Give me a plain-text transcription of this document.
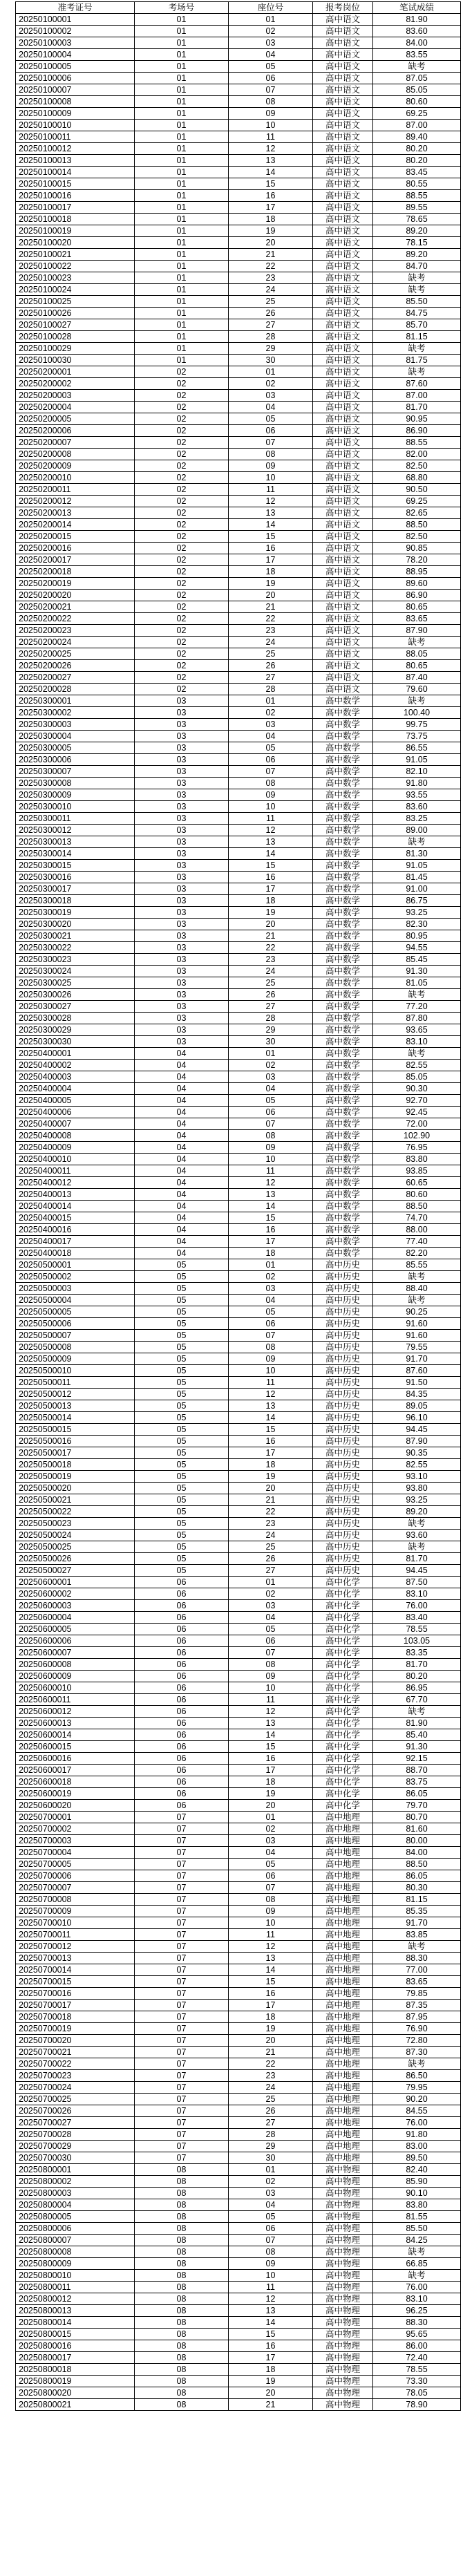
准考证号	考场号	座位号	报考岗位	笔试成绩
20250100001	01	01	高中语文	81.90
20250100002	01	02	高中语文	83.60
20250100003	01	03	高中语文	84.00
20250100004	01	04	高中语文	83.55
20250100005	01	05	高中语文	缺考
20250100006	01	06	高中语文	87.05
20250100007	01	07	高中语文	85.05
20250100008	01	08	高中语文	80.60
20250100009	01	09	高中语文	69.25
20250100010	01	10	高中语文	87.00
20250100011	01	11	高中语文	89.40
20250100012	01	12	高中语文	80.20
20250100013	01	13	高中语文	80.20
20250100014	01	14	高中语文	83.45
20250100015	01	15	高中语文	80.55
20250100016	01	16	高中语文	88.55
20250100017	01	17	高中语文	89.55
20250100018	01	18	高中语文	78.65
20250100019	01	19	高中语文	89.20
20250100020	01	20	高中语文	78.15
20250100021	01	21	高中语文	89.20
20250100022	01	22	高中语文	84.70
20250100023	01	23	高中语文	缺考
20250100024	01	24	高中语文	缺考
20250100025	01	25	高中语文	85.50
20250100026	01	26	高中语文	84.75
20250100027	01	27	高中语文	85.70
20250100028	01	28	高中语文	81.15
20250100029	01	29	高中语文	缺考
20250100030	01	30	高中语文	81.75
20250200001	02	01	高中语文	缺考
20250200002	02	02	高中语文	87.60
20250200003	02	03	高中语文	87.00
20250200004	02	04	高中语文	81.70
20250200005	02	05	高中语文	90.95
20250200006	02	06	高中语文	86.90
20250200007	02	07	高中语文	88.55
20250200008	02	08	高中语文	82.00
20250200009	02	09	高中语文	82.50
20250200010	02	10	高中语文	68.80
20250200011	02	11	高中语文	90.50
20250200012	02	12	高中语文	69.25
20250200013	02	13	高中语文	82.65
20250200014	02	14	高中语文	88.50
20250200015	02	15	高中语文	82.50
20250200016	02	16	高中语文	90.85
20250200017	02	17	高中语文	78.20
20250200018	02	18	高中语文	88.95
20250200019	02	19	高中语文	89.60
20250200020	02	20	高中语文	86.90
20250200021	02	21	高中语文	80.65
20250200022	02	22	高中语文	83.65
20250200023	02	23	高中语文	87.90
20250200024	02	24	高中语文	缺考
20250200025	02	25	高中语文	88.05
20250200026	02	26	高中语文	80.65
20250200027	02	27	高中语文	87.40
20250200028	02	28	高中语文	79.60
20250300001	03	01	高中数学	缺考
20250300002	03	02	高中数学	100.40
20250300003	03	03	高中数学	99.75
20250300004	03	04	高中数学	73.75
20250300005	03	05	高中数学	86.55
20250300006	03	06	高中数学	91.05
20250300007	03	07	高中数学	82.10
20250300008	03	08	高中数学	91.80
20250300009	03	09	高中数学	93.55
20250300010	03	10	高中数学	83.60
20250300011	03	11	高中数学	83.25
20250300012	03	12	高中数学	89.00
20250300013	03	13	高中数学	缺考
20250300014	03	14	高中数学	81.30
20250300015	03	15	高中数学	91.05
20250300016	03	16	高中数学	81.45
20250300017	03	17	高中数学	91.00
20250300018	03	18	高中数学	86.75
20250300019	03	19	高中数学	93.25
20250300020	03	20	高中数学	82.30
20250300021	03	21	高中数学	80.95
20250300022	03	22	高中数学	94.55
20250300023	03	23	高中数学	85.45
20250300024	03	24	高中数学	91.30
20250300025	03	25	高中数学	81.05
20250300026	03	26	高中数学	缺考
20250300027	03	27	高中数学	77.20
20250300028	03	28	高中数学	87.80
20250300029	03	29	高中数学	93.65
20250300030	03	30	高中数学	83.10
20250400001	04	01	高中数学	缺考
20250400002	04	02	高中数学	82.55
20250400003	04	03	高中数学	85.05
20250400004	04	04	高中数学	90.30
20250400005	04	05	高中数学	92.70
20250400006	04	06	高中数学	92.45
20250400007	04	07	高中数学	72.00
20250400008	04	08	高中数学	102.90
20250400009	04	09	高中数学	76.95
20250400010	04	10	高中数学	83.80
20250400011	04	11	高中数学	93.85
20250400012	04	12	高中数学	60.65
20250400013	04	13	高中数学	80.60
20250400014	04	14	高中数学	88.50
20250400015	04	15	高中数学	74.70
20250400016	04	16	高中数学	88.00
20250400017	04	17	高中数学	77.40
20250400018	04	18	高中数学	82.20
20250500001	05	01	高中历史	85.55
20250500002	05	02	高中历史	缺考
20250500003	05	03	高中历史	88.40
20250500004	05	04	高中历史	缺考
20250500005	05	05	高中历史	90.25
20250500006	05	06	高中历史	91.60
20250500007	05	07	高中历史	91.60
20250500008	05	08	高中历史	79.55
20250500009	05	09	高中历史	91.70
20250500010	05	10	高中历史	87.60
20250500011	05	11	高中历史	91.50
20250500012	05	12	高中历史	84.35
20250500013	05	13	高中历史	89.05
20250500014	05	14	高中历史	96.10
20250500015	05	15	高中历史	94.45
20250500016	05	16	高中历史	87.90
20250500017	05	17	高中历史	90.35
20250500018	05	18	高中历史	82.55
20250500019	05	19	高中历史	93.10
20250500020	05	20	高中历史	93.80
20250500021	05	21	高中历史	93.25
20250500022	05	22	高中历史	89.20
20250500023	05	23	高中历史	缺考
20250500024	05	24	高中历史	93.60
20250500025	05	25	高中历史	缺考
20250500026	05	26	高中历史	81.70
20250500027	05	27	高中历史	94.45
20250600001	06	01	高中化学	87.50
20250600002	06	02	高中化学	83.10
20250600003	06	03	高中化学	76.00
20250600004	06	04	高中化学	83.40
20250600005	06	05	高中化学	78.55
20250600006	06	06	高中化学	103.05
20250600007	06	07	高中化学	83.35
20250600008	06	08	高中化学	81.70
20250600009	06	09	高中化学	80.20
20250600010	06	10	高中化学	86.95
20250600011	06	11	高中化学	67.70
20250600012	06	12	高中化学	缺考
20250600013	06	13	高中化学	81.90
20250600014	06	14	高中化学	85.40
20250600015	06	15	高中化学	91.30
20250600016	06	16	高中化学	92.15
20250600017	06	17	高中化学	88.70
20250600018	06	18	高中化学	83.75
20250600019	06	19	高中化学	86.05
20250600020	06	20	高中化学	79.70
20250700001	07	01	高中地理	80.70
20250700002	07	02	高中地理	81.60
20250700003	07	03	高中地理	80.00
20250700004	07	04	高中地理	84.00
20250700005	07	05	高中地理	88.50
20250700006	07	06	高中地理	86.05
20250700007	07	07	高中地理	80.30
20250700008	07	08	高中地理	81.15
20250700009	07	09	高中地理	85.35
20250700010	07	10	高中地理	91.70
20250700011	07	11	高中地理	83.85
20250700012	07	12	高中地理	缺考
20250700013	07	13	高中地理	88.30
20250700014	07	14	高中地理	77.00
20250700015	07	15	高中地理	83.65
20250700016	07	16	高中地理	79.85
20250700017	07	17	高中地理	87.35
20250700018	07	18	高中地理	87.95
20250700019	07	19	高中地理	76.90
20250700020	07	20	高中地理	72.80
20250700021	07	21	高中地理	87.30
20250700022	07	22	高中地理	缺考
20250700023	07	23	高中地理	86.50
20250700024	07	24	高中地理	79.95
20250700025	07	25	高中地理	90.20
20250700026	07	26	高中地理	84.55
20250700027	07	27	高中地理	76.00
20250700028	07	28	高中地理	91.80
20250700029	07	29	高中地理	83.00
20250700030	07	30	高中地理	89.50
20250800001	08	01	高中物理	82.40
20250800002	08	02	高中物理	85.90
20250800003	08	03	高中物理	90.10
20250800004	08	04	高中物理	83.80
20250800005	08	05	高中物理	81.55
20250800006	08	06	高中物理	85.50
20250800007	08	07	高中物理	84.25
20250800008	08	08	高中物理	缺考
20250800009	08	09	高中物理	66.85
20250800010	08	10	高中物理	缺考
20250800011	08	11	高中物理	76.00
20250800012	08	12	高中物理	83.10
20250800013	08	13	高中物理	96.25
20250800014	08	14	高中物理	88.30
20250800015	08	15	高中物理	95.65
20250800016	08	16	高中物理	86.00
20250800017	08	17	高中物理	72.40
20250800018	08	18	高中物理	78.55
20250800019	08	19	高中物理	73.30
20250800020	08	20	高中物理	78.05
20250800021	08	21	高中物理	78.90
